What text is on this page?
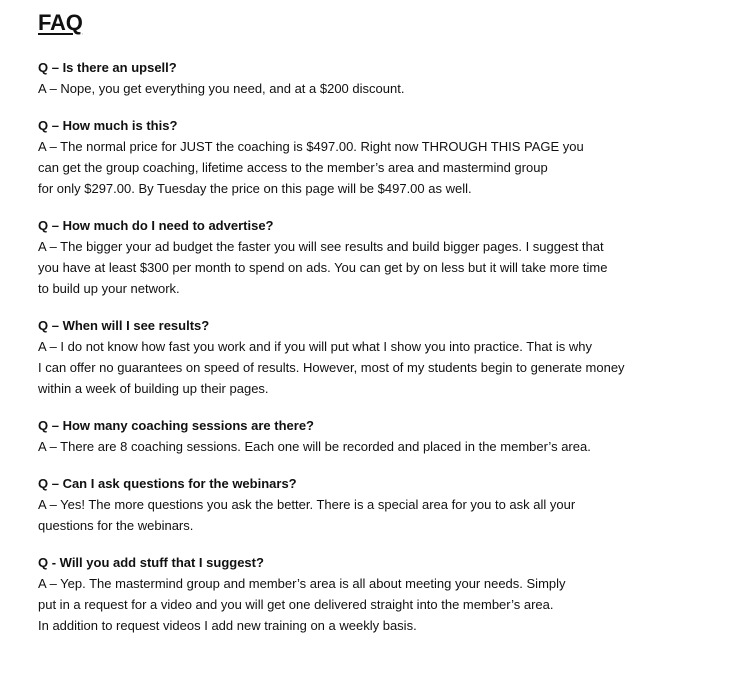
FAQ

Q – Is there an upsell?

A – Nope, you get everything you need, and at a $200 discount.

Q – How much is this?

A – The normal price for JUST the coaching is $497.00. Right now THROUGH THIS PAGE you
can get the group coaching, lifetime access to the member’s area and mastermind group
for only $297.00. By Tuesday the price on this page will be $497.00 as well.

Q – How much do I need to advertise?

A – The bigger your ad budget the faster you will see results and build bigger pages. I suggest that
you have at least $300 per month to spend on ads. You can get by on less but it will take more time
to build up your network.

Q – When will I see results?

A – I do not know how fast you work and if you will put what I show you into practice. That is why
I can offer no guarantees on speed of results. However, most of my students begin to generate money
within a week of building up their pages.

Q – How many coaching sessions are there?

A – There are 8 coaching sessions. Each one will be recorded and placed in the member’s area.

Q – Can I ask questions for the webinars?

A – Yes! The more questions you ask the better. There is a special area for you to ask all your
questions for the webinars.

Q - Will you add stuff that I suggest?

A – Yep. The mastermind group and member’s area is all about meeting your needs. Simply
put in a request for a video and you will get one delivered straight into the member’s area.
In addition to request videos I add new training on a weekly basis.
